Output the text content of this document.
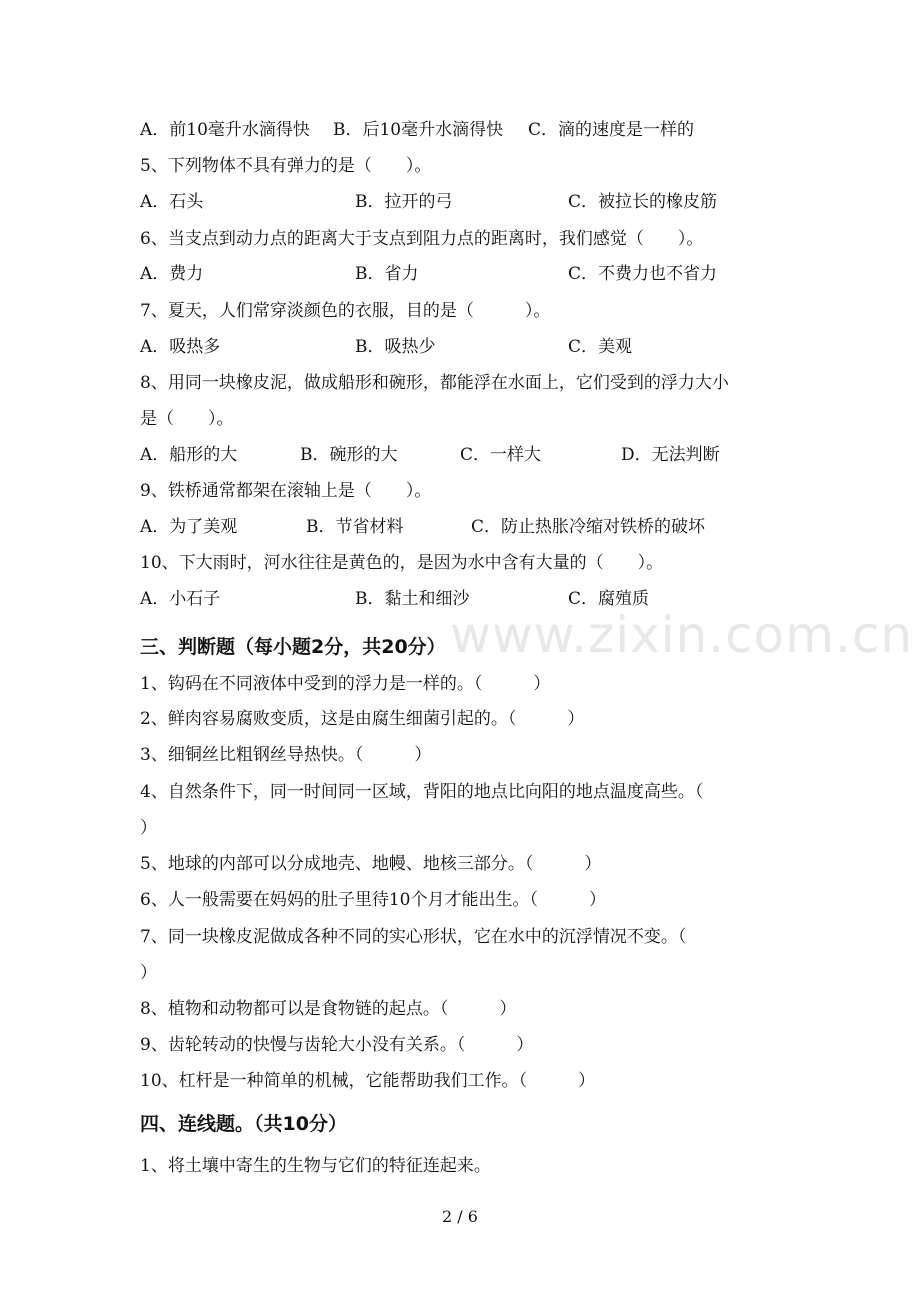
www.zixin.com.cn
A．前10毫升水滴得快 B．后10毫升水滴得快 C．滴的速度是一样的
5、下列物体不具有弹力的是（　　）。
A．石头	B．拉开的弓	C．被拉长的橡皮筋
6、当支点到动力点的距离大于支点到阻力点的距离时，我们感觉（　　）。
A．费力	B．省力	C．不费力也不省力
7、夏天，人们常穿淡颜色的衣服，目的是（　　　）。
A．吸热多	B．吸热少	C．美观
8、用同一块橡皮泥，做成船形和碗形，都能浮在水面上，它们受到的浮力大小
是（　　）。
A．船形的大	B．碗形的大	C．一样大	D．无法判断
9、铁桥通常都架在滚轴上是（　　）。
A．为了美观	B．节省材料	C．防止热胀冷缩对铁桥的破坏
10、下大雨时，河水往往是黄色的，是因为水中含有大量的（　　）。
A．小石子	B．黏土和细沙	C．腐殖质
三、判断题（每小题2分，共20分）
1、钩码在不同液体中受到的浮力是一样的。（　　　）
2、鲜肉容易腐败变质，这是由腐生细菌引起的。（　　　）
3、细铜丝比粗钢丝导热快。（　　　）
4、自然条件下，同一时间同一区域，背阳的地点比向阳的地点温度高些。（
）
5、地球的内部可以分成地壳、地幔、地核三部分。（　　　）
6、人一般需要在妈妈的肚子里待10个月才能出生。（　　　）
7、同一块橡皮泥做成各种不同的实心形状，它在水中的沉浮情况不变。（
）
8、植物和动物都可以是食物链的起点。（　　　）
9、齿轮转动的快慢与齿轮大小没有关系。（　　　）
10、杠杆是一种简单的机械，它能帮助我们工作。（　　　）
四、连线题。（共10分）
1、将土壤中寄生的生物与它们的特征连起来。
2 / 6
